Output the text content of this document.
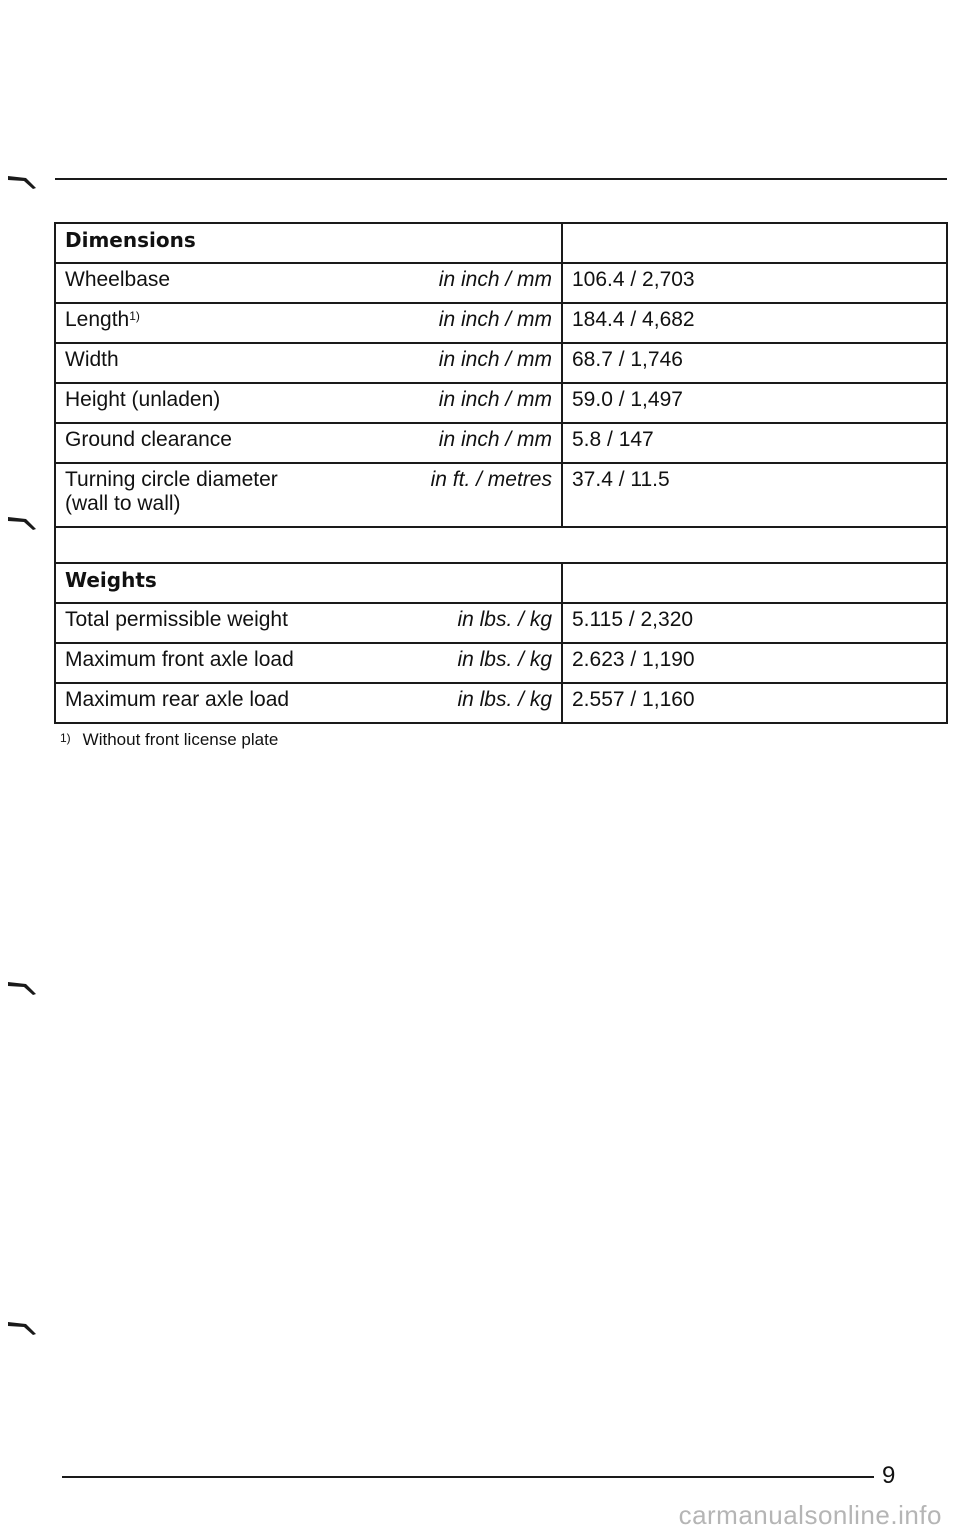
Dimensions		
Wheelbase	in inch / mm	106.4 / 2,703
Length$^{1)}$	in inch / mm	184.4 / 4,682
Width	in inch / mm	68.7 / 1,746
Height (unladen)	in inch / mm	59.0 / 1,497
Ground clearance	in inch / mm	5.8 / 147

Turning circle diameter
(wall to wall)	in ft. / metres	37.4 / 11.5

Weights		
Total permissible weight	in lbs. / kg	5.115 / 2,320
Maximum front axle load	in lbs. / kg	2.623 / 1,190
Maximum rear axle load	in lbs. / kg	2.557 / 1,160
$^{1)}$ Without front license plate
9
carmanualsonline.info
